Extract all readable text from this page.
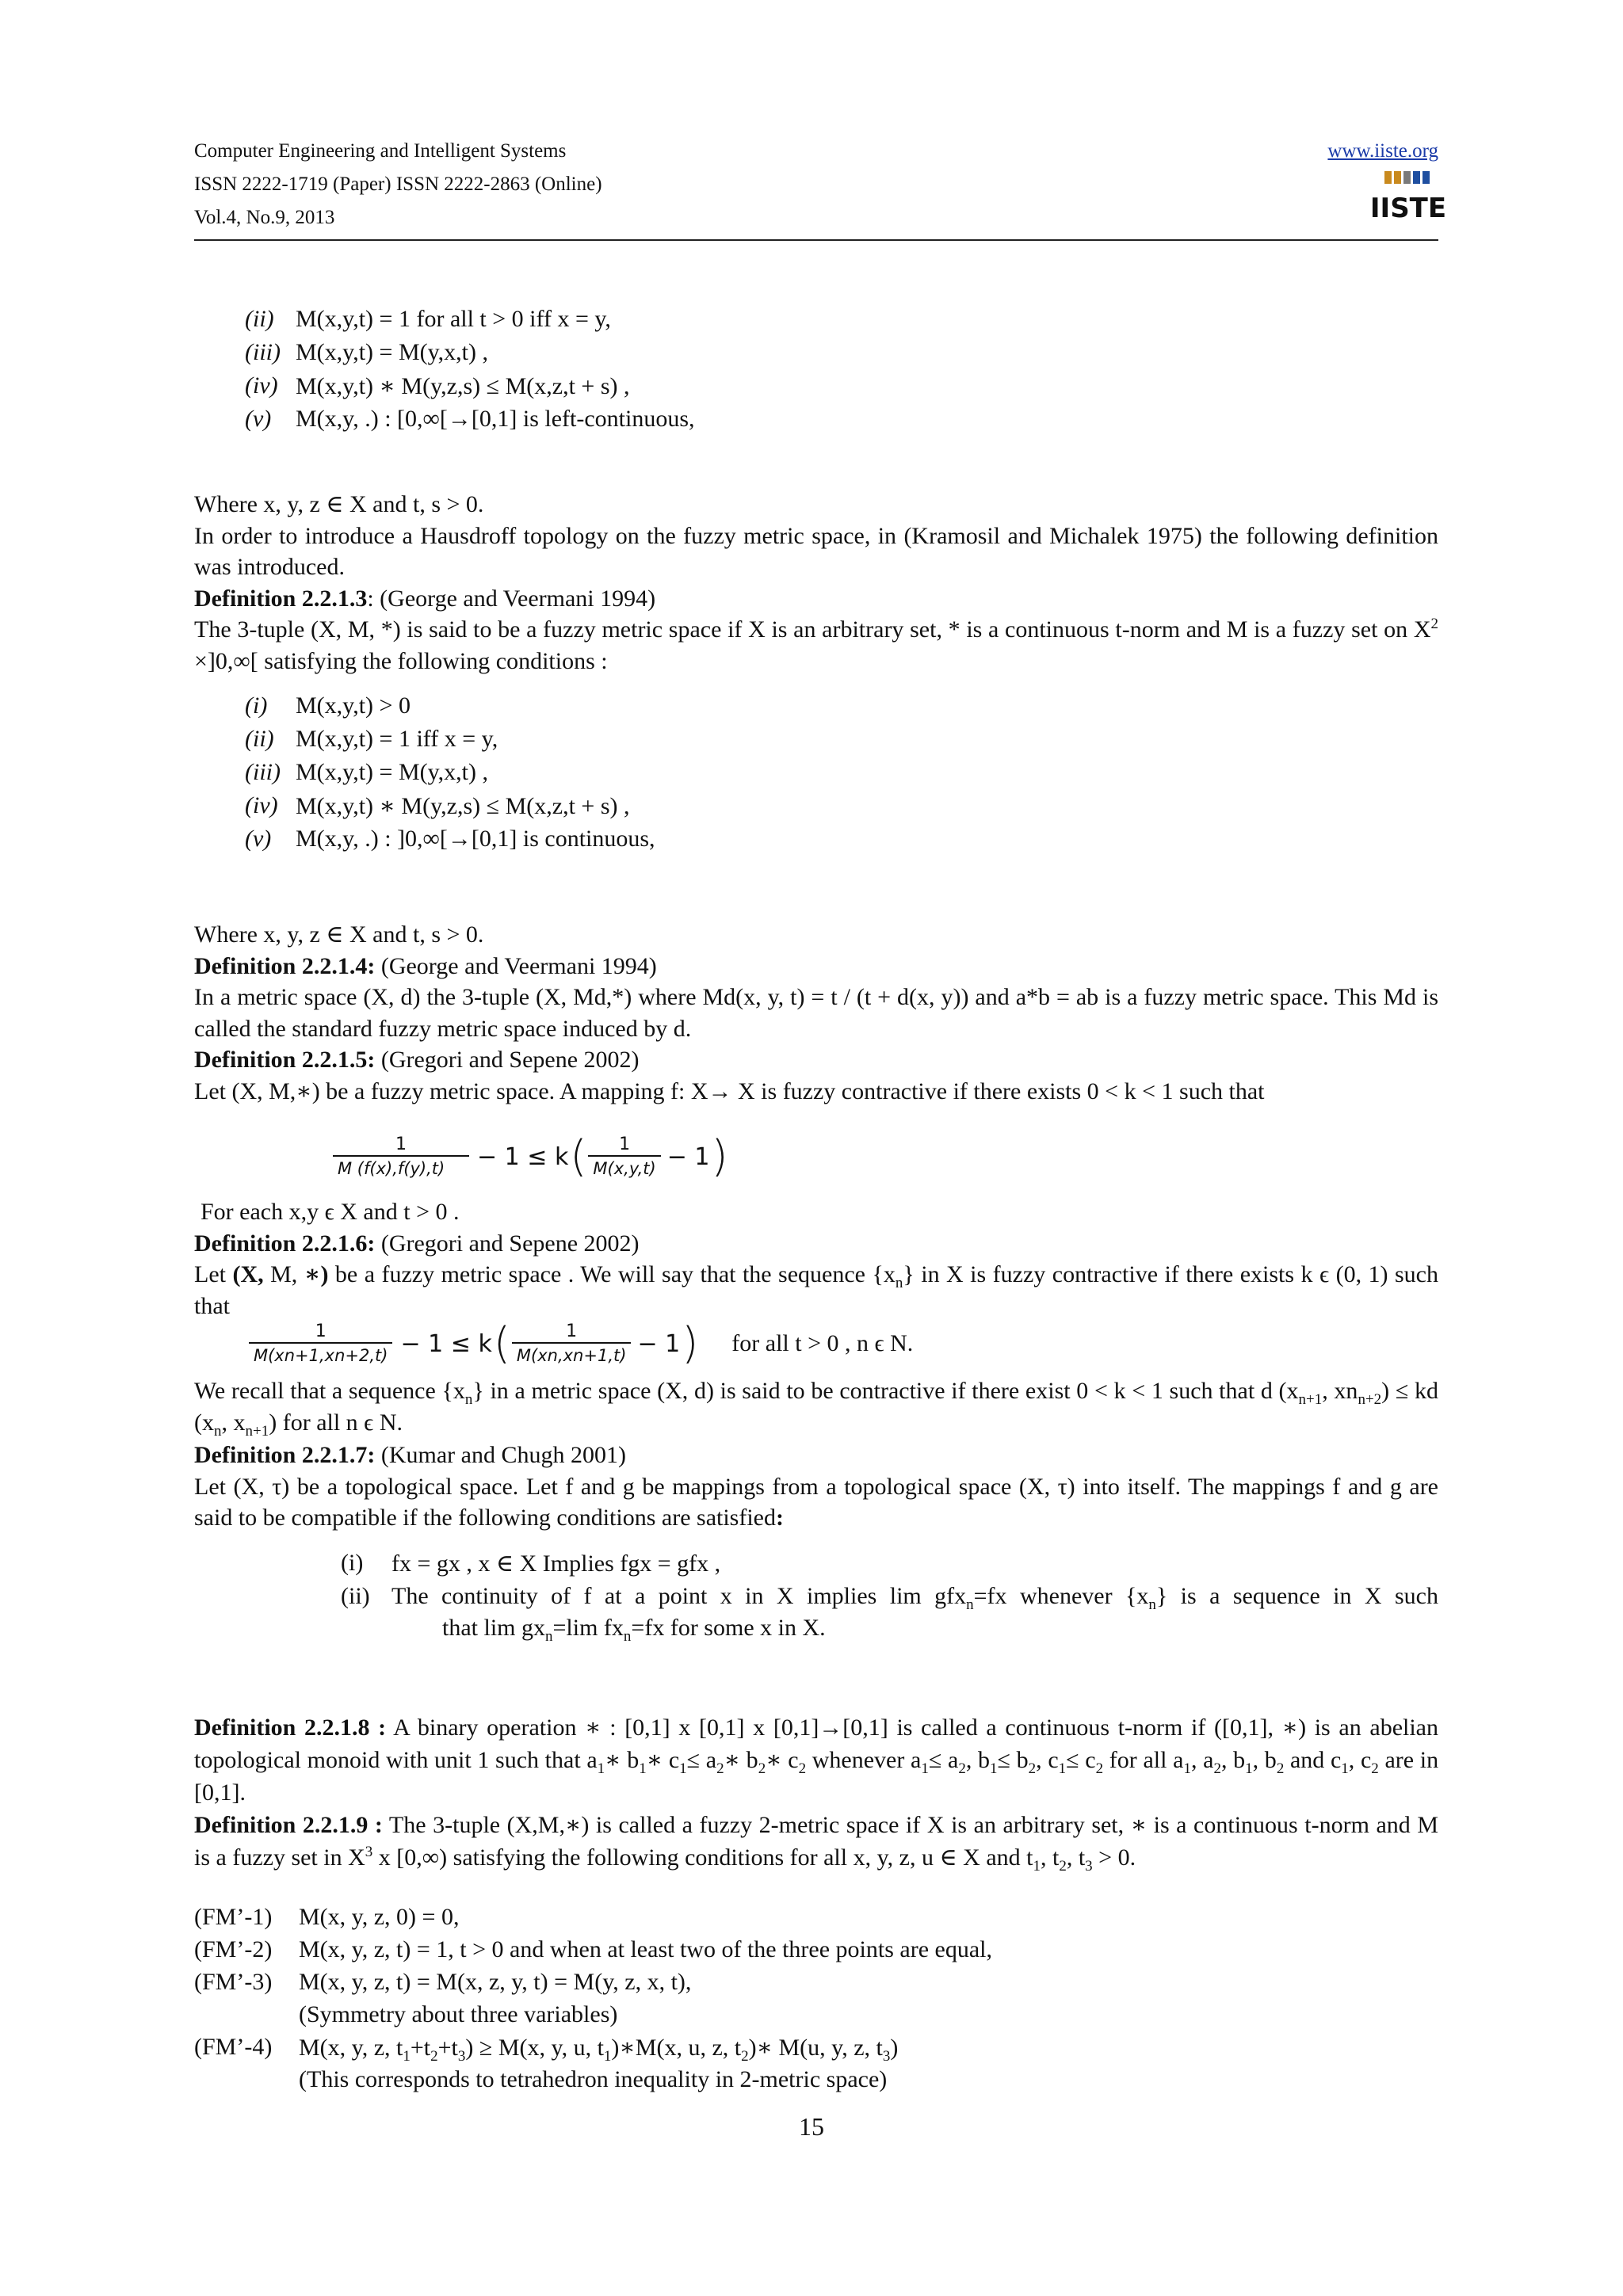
Computer Engineering and Intelligent Systems
ISSN 2222-1719 (Paper) ISSN 2222-2863 (Online)
Vol.4, No.9, 2013
www.iiste.org
IISTE
(ii) M(x,y,t) = 1 for all t > 0 iff x = y,
(iii) M(x,y,t) = M(y,x,t) ,
(iv) M(x,y,t) ∗ M(y,z,s) ≤ M(x,z,t + s) ,
(v) M(x,y, .) : [0,∞[→[0,1] is left-continuous,
Where x, y, z ∈ X and t, s > 0.
In order to introduce a Hausdroff topology on the fuzzy metric space, in (Kramosil and Michalek 1975) the following definition was introduced.
Definition 2.2.1.3: (George and Veermani 1994)
The 3-tuple (X, M, *) is said to be a fuzzy metric space if X is an arbitrary set, * is a continuous t-norm and M is a fuzzy set on $X^2 \times]0,\infty$[ satisfying the following conditions :
(i) M(x,y,t) > 0
(ii) M(x,y,t) = 1 iff x = y,
(iii) M(x,y,t) = M(y,x,t) ,
(iv) M(x,y,t) ∗ M(y,z,s) ≤ M(x,z,t + s) ,
(v) M(x,y, .) : ]0,∞[→[0,1] is continuous,
Where x, y, z ∈ X and t, s > 0.
Definition 2.2.1.4: (George and Veermani 1994)
In a metric space (X, d) the 3-tuple (X, Md,*) where Md(x, y, t) = t / (t + d(x, y)) and a*b = ab is a fuzzy metric space. This Md is called the standard fuzzy metric space induced by d.
Definition 2.2.1.5: (Gregori and Sepene 2002)
Let (X, M,∗) be a fuzzy metric space. A mapping f: X→ X is fuzzy contractive if there exists 0 < k < 1 such that
$\frac{1}{M (f(x),f(y),t)} - 1 \le k$ ( $\frac{1}{M(x,y,t)} - 1$ )
For each x,y ϵ X and t > 0 .
Definition 2.2.1.6: (Gregori and Sepene 2002)
Let (X, M, ∗) be a fuzzy metric space . We will say that the sequence $\{x_n\}$ in X is fuzzy contractive if there exists k ϵ (0, 1) such that
$\frac{1}{M(xn+1,xn+2,t)} - 1 \le k$ ( $\frac{1}{M(xn,xn+1,t)} - 1$ ) for all t > 0 , n ϵ N.
We recall that a sequence $\{x_n\}$ in a metric space (X, d) is said to be contractive if there exist 0 < k < 1 such that d ($x_{n+1}$, $xn_{n+2}$) ≤ kd ($x_n$, $x_{n+1}$) for all n ϵ N.
Definition 2.2.1.7: (Kumar and Chugh 2001)
Let (X, τ) be a topological space. Let f and g be mappings from a topological space (X, τ) into itself. The mappings f and g are said to be compatible if the following conditions are satisfied:
(i) fx = gx , x ∈ X Implies fgx = gfx ,
(ii) The continuity of f at a point x in X implies lim gfx$_n$=fx whenever $\{x_n\}$ is a sequence in X such
that $\lim gx_n=\lim$ $fx_n=fx$ for some x in X.
Definition 2.2.1.8 : A binary operation ∗ : [0,1] x [0,1] x [0,1]→[0,1] is called a continuous t-norm if ([0,1], ∗) is an abelian topological monoid with unit 1 such that $a_1∗$ $b_1∗$ $c_1\le$ $a_2∗$ $b_2∗$ $c_2$ whenever $a_1\le a_2$, $b_1\le b_2$, $c_1\le c_2$ for all $a_1$, $a_2$, $b_1$, $b_2$ and $c_1$, $c_2$ are in [0,1].
Definition 2.2.1.9 : The 3-tuple (X,M,∗) is called a fuzzy 2-metric space if X is an arbitrary set, ∗ is a continuous t-norm and M is a fuzzy set in $X^3$ x [0,∞) satisfying the following conditions for all x, y, z, u ∈ X and $t_1$, $t_2$, $t_3 > 0$.
(FM’-1) M(x, y, z, 0) = 0,
(FM’-2) M(x, y, z, t) = 1, t > 0 and when at least two of the three points are equal,
(FM’-3) M(x, y, z, t) = M(x, z, y, t) = M(y, z, x, t),
(Symmetry about three variables)
(FM’-4) M(x, y, z, $t_1+t_2+t_3) \ge M(x$, y, u, $t_1)∗M(x$, u, z, $t_2)∗$ M(u, y, z, $t_3$)
(This corresponds to tetrahedron inequality in 2-metric space)
15
